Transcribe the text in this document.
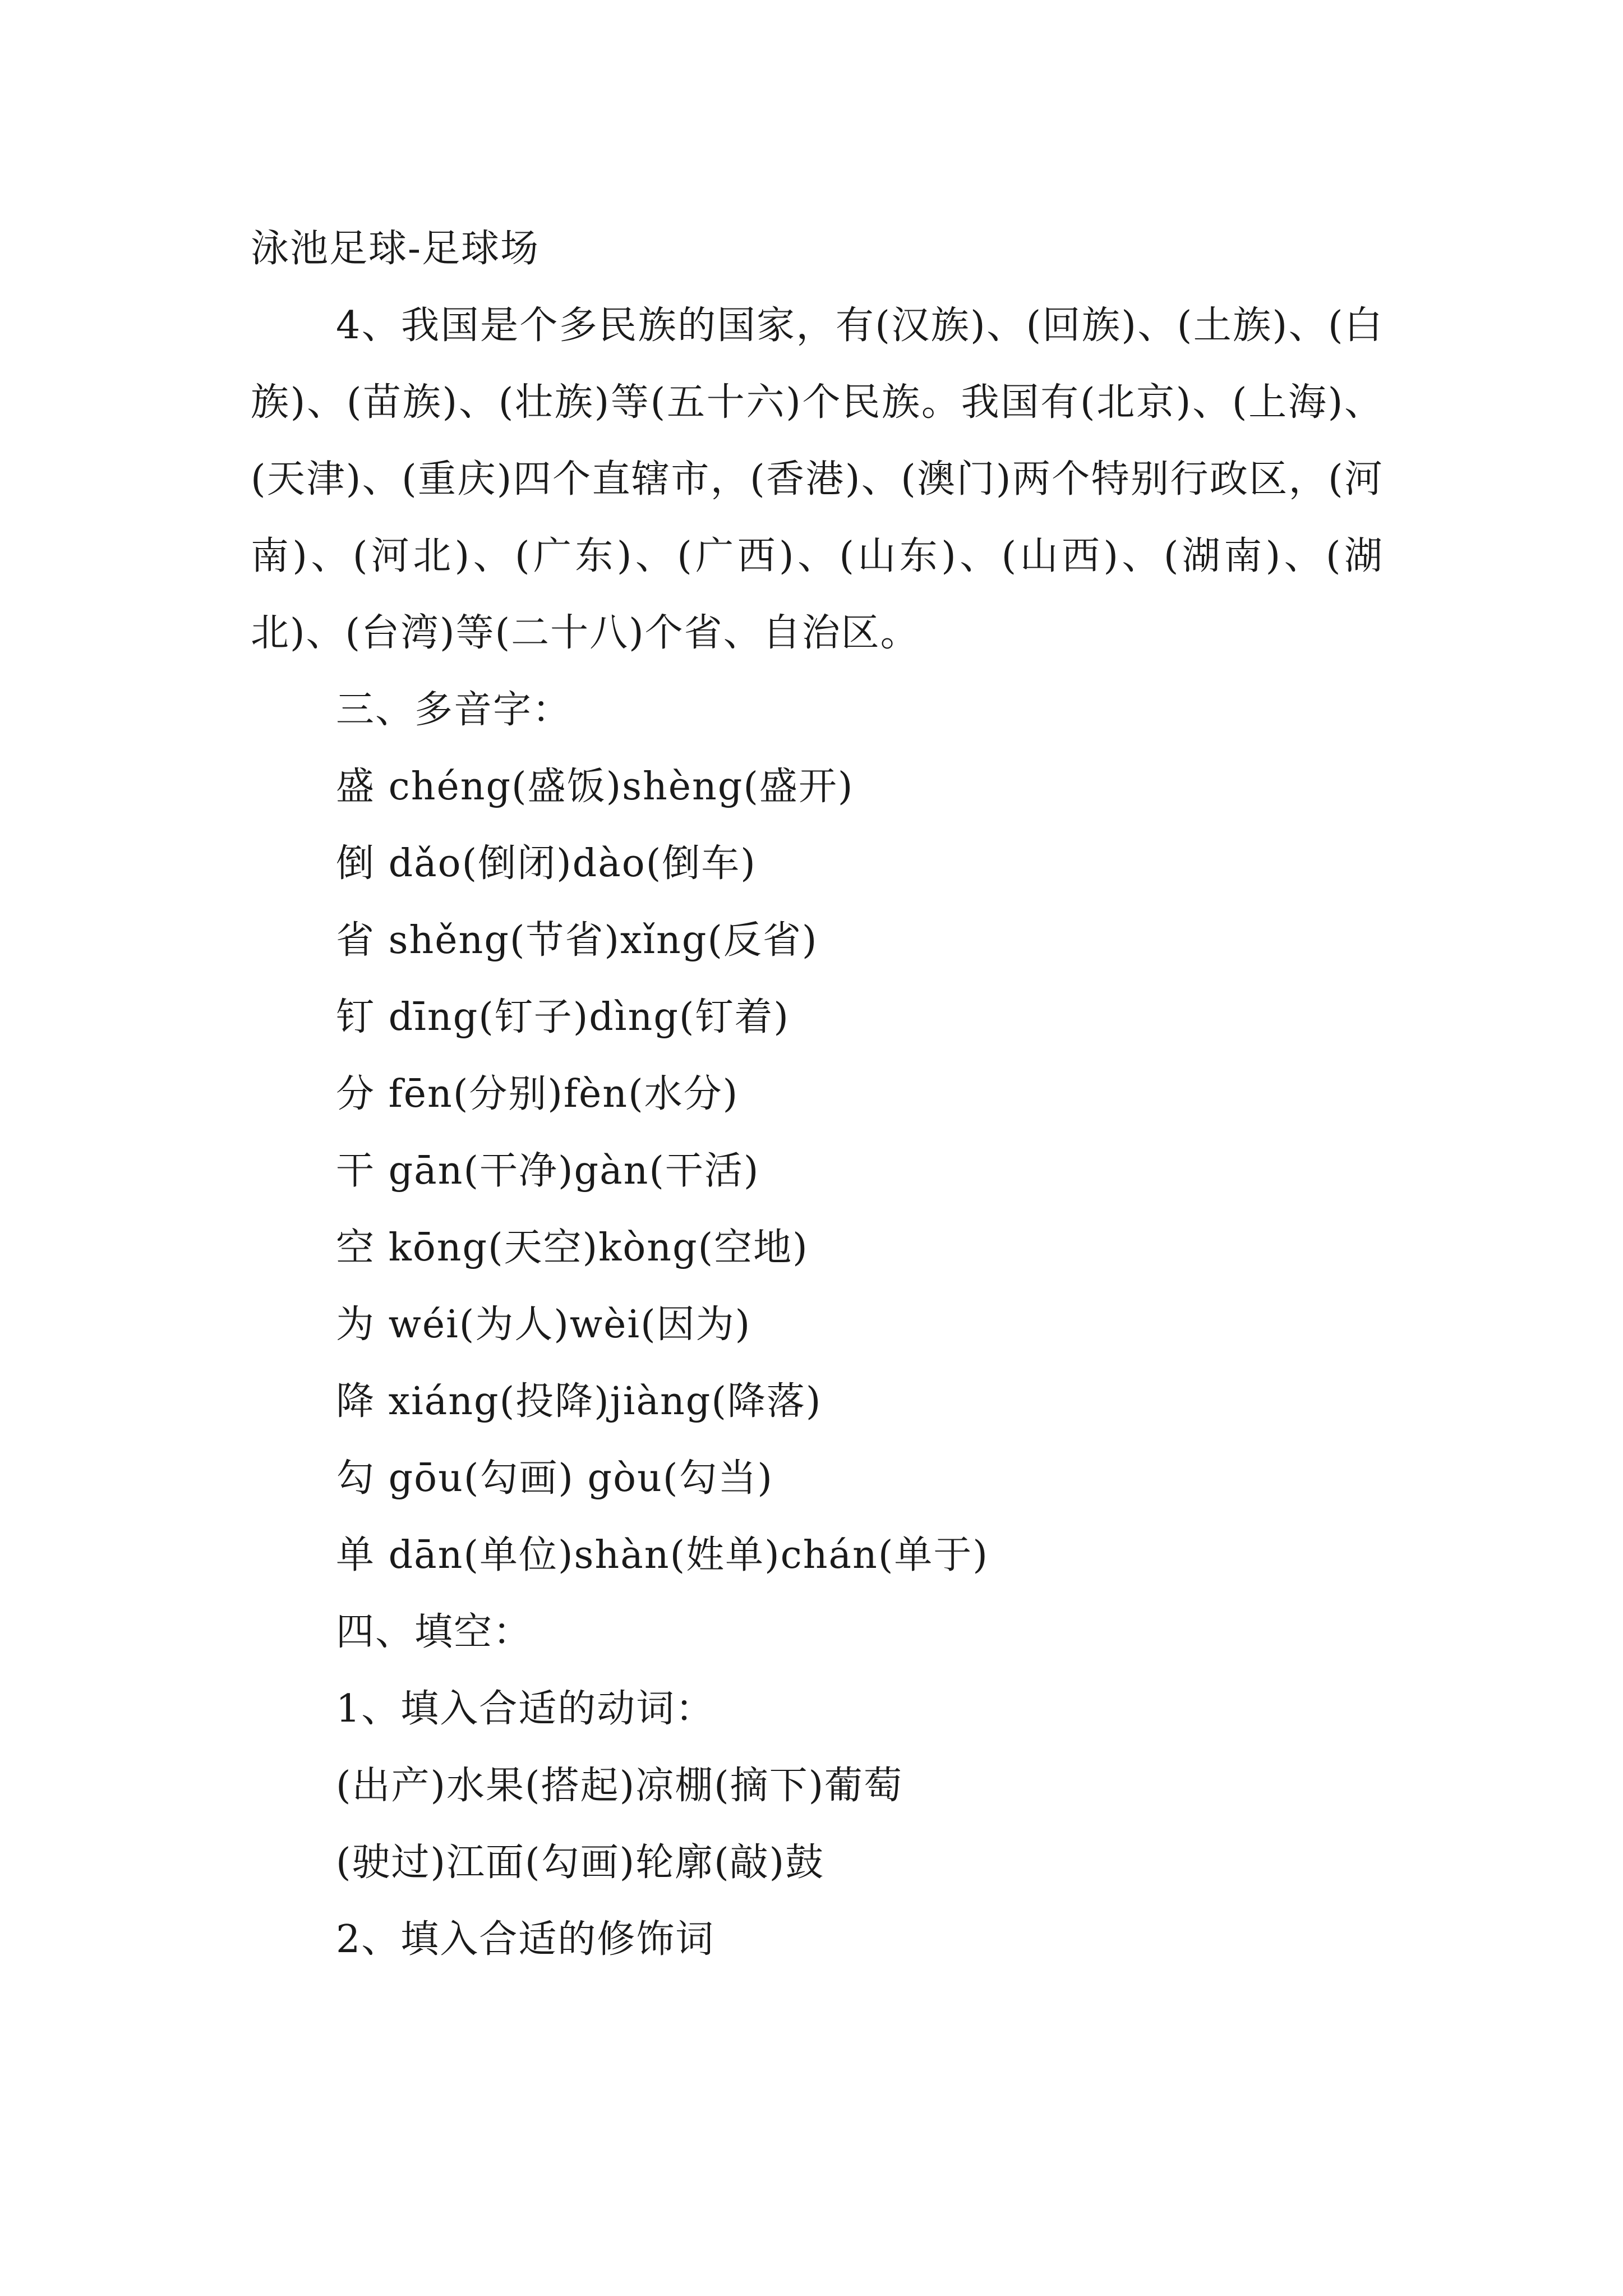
泳池足球-足球场

4、我国是个多民族的国家，有(汉族)、(回族)、(土族)、(白族)、(苗族)、(壮族)等(五十六)个民族。我国有(北京)、(上海)、(天津)、(重庆)四个直辖市，(香港)、(澳门)两个特别行政区，(河南)、(河北)、(广东)、(广西)、(山东)、(山西)、(湖南)、(湖北)、(台湾)等(二十八)个省、自治区。

三、多音字：

盛 chéng(盛饭)shèng(盛开)

倒 dǎo(倒闭)dào(倒车)

省 shěng(节省)xǐng(反省)

钉 dīng(钉子)dìng(钉着)

分 fēn(分别)fèn(水分)

干 gān(干净)gàn(干活)

空 kōng(天空)kòng(空地)

为 wéi(为人)wèi(因为)

降 xiáng(投降)jiàng(降落)

勾 gōu(勾画) gòu(勾当)

单 dān(单位)shàn(姓单)chán(单于)

四、填空：

1、填入合适的动词：

(出产)水果(搭起)凉棚(摘下)葡萄

(驶过)江面(勾画)轮廓(敲)鼓

2、填入合适的修饰词
